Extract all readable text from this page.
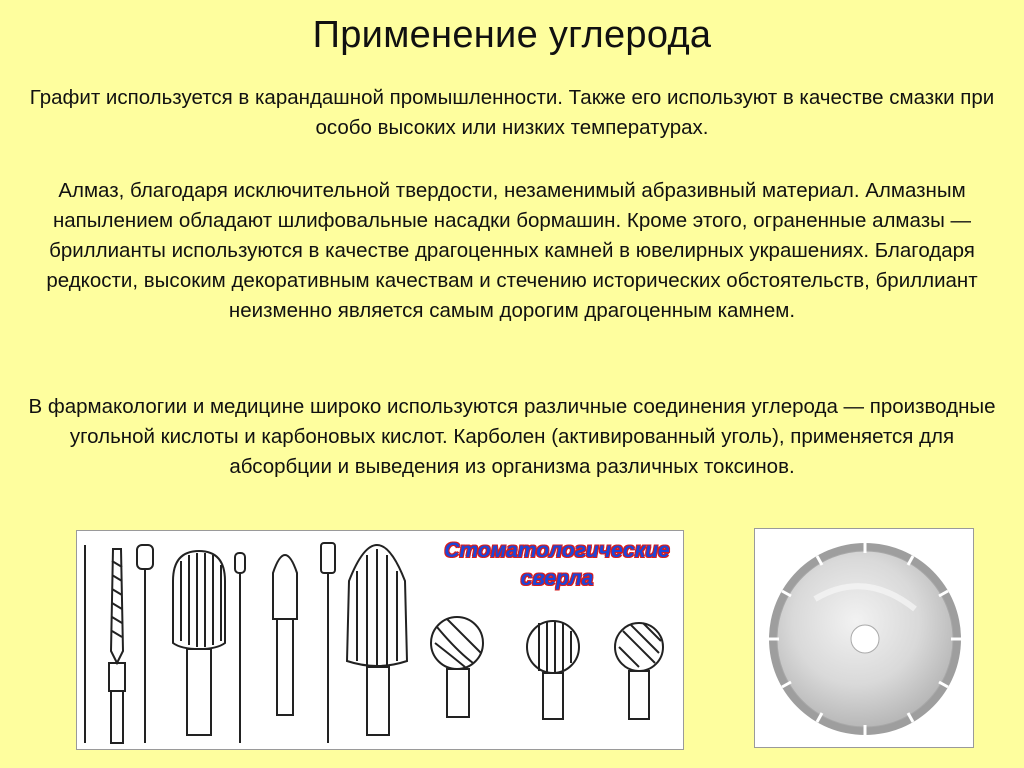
Применение углерода

Графит используется в карандашной промышленности. Также его используют в качестве смазки при особо высоких или низких температурах.

Алмаз, благодаря исключительной твердости, незаменимый абразивный материал. Алмазным напылением обладают шлифовальные насадки бормашин. Кроме этого, ограненные алмазы — бриллианты используются в качестве драгоценных камней в ювелирных украшениях. Благодаря редкости, высоким декоративным качествам и стечению исторических обстоятельств, бриллиант неизменно является самым дорогим драгоценным камнем.

В фармакологии и медицине широко используются различные соединения углерода — производные угольной кислоты и карбоновых кислот. Карболен (активированный уголь), применяется для абсорбции и выведения из организма различных токсинов.

Стоматологические
сверла
